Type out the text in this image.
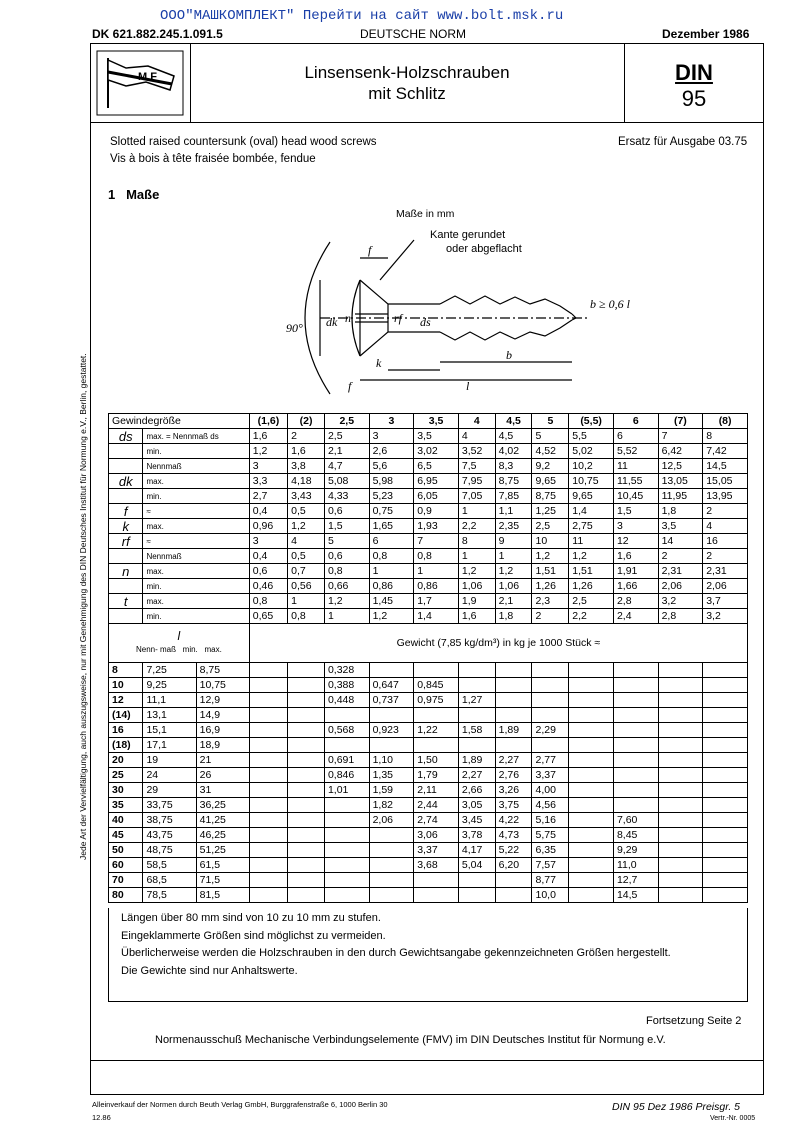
ООО"МАШКОМПЛЕКТ" Перейти на сайт www.bolt.msk.ru
DK 621.882.245.1.091.5	DEUTSCHE NORM	Dezember 1986
M F	Linsensenk-Holzschrauben
mit Schlitz
DIN
95
Slotted raised countersunk (oval) head wood screws
Vis à bois à tête fraisée bombée, fendue
Ersatz für Ausgabe 03.75
1 Maße
Maße in mm
f
n
dk
90°
rf ds
k
b
f	l
b ≥ 0,6 l
Kante gerundet
oder abgeflacht
Jede Art der Vervielfältigung, auch auszugsweise, nur mit Genehmigung des DIN Deutsches Institut für Normung e.V., Berlin, gestattet. Gewindegröße			(1,6)	(2)	2,5	3	3,5	4	4,5	5	(5,5)	6	(7)	(8)
ds	max. = Nennmaß ds		1,6	2	2,5	3	3,5	4	4,5	5	5,5	6	7	8
	min.		1,2	1,6	2,1	2,6	3,02	3,52	4,02	4,52	5,02	5,52	6,42	7,42
	Nennmaß		3	3,8	4,7	5,6	6,5	7,5	8,3	9,2	10,2	11	12,5	14,5
dk	max.		3,3	4,18	5,08	5,98	6,95	7,95	8,75	9,65	10,75	11,55	13,05	15,05
	min.		2,7	3,43	4,33	5,23	6,05	7,05	7,85	8,75	9,65	10,45	11,95	13,95
f	≈		0,4	0,5	0,6	0,75	0,9	1	1,1	1,25	1,4	1,5	1,8	2
k	max.		0,96	1,2	1,5	1,65	1,93	2,2	2,35	2,5	2,75	3	3,5	4
rf	≈		3	4	5	6	7	8	9	10	11	12	14	16
	Nennmaß		0,4	0,5	0,6	0,8	0,8	1	1	1,2	1,2	1,6	2	2
n	max.		0,6	0,7	0,8	1	1	1,2	1,2	1,51	1,51	1,91	2,31	2,31
	min.		0,46	0,56	0,66	0,86	0,86	1,06	1,06	1,26	1,26	1,66	2,06	2,06
t	max.		0,8	1	1,2	1,45	1,7	1,9	2,1	2,3	2,5	2,8	3,2	3,7
	min.		0,65	0,8	1	1,2	1,4	1,6	1,8	2	2,2	2,4	2,8	3,2

l
Nenn- maß min. max.			Gewicht (7,85 kg/dm³) in kg je 1000 Stück ≈											
8	7,25	8,75			0,328									
10	9,25	10,75			0,388	0,647	0,845							
12	11,1	12,9			0,448	0,737	0,975	1,27						
(14)	13,1	14,9												
16	15,1	16,9			0,568	0,923	1,22	1,58	1,89	2,29				
(18)	17,1	18,9												
20	19	21			0,691	1,10	1,50	1,89	2,27	2,77				
25	24	26			0,846	1,35	1,79	2,27	2,76	3,37				
30	29	31			1,01	1,59	2,11	2,66	3,26	4,00				
35	33,75	36,25				1,82	2,44	3,05	3,75	4,56				
40	38,75	41,25				2,06	2,74	3,45	4,22	5,16		7,60		
45	43,75	46,25					3,06	3,78	4,73	5,75		8,45		
50	48,75	51,25					3,37	4,17	5,22	6,35		9,29		
60	58,5	61,5					3,68	5,04	6,20	7,57		11,0		
70	68,5	71,5								8,77		12,7		
80	78,5	81,5								10,0		14,5		
Längen über 80 mm sind von 10 zu 10 mm zu stufen.
Eingeklammerte Größen sind möglichst zu vermeiden.
Überlicherweise werden die Holzschrauben in den durch Gewichtsangabe gekennzeichneten Größen hergestellt.
Die Gewichte sind nur Anhaltswerte.
Fortsetzung Seite 2
Normenausschuß Mechanische Verbindungselemente (FMV) im DIN Deutsches Institut für Normung e.V.
Alleinverkauf der Normen durch Beuth Verlag GmbH, Burggrafenstraße 6, 1000 Berlin 30
12.86
DIN 95 Dez 1986 Preisgr. 5
Vertr.-Nr. 0005
